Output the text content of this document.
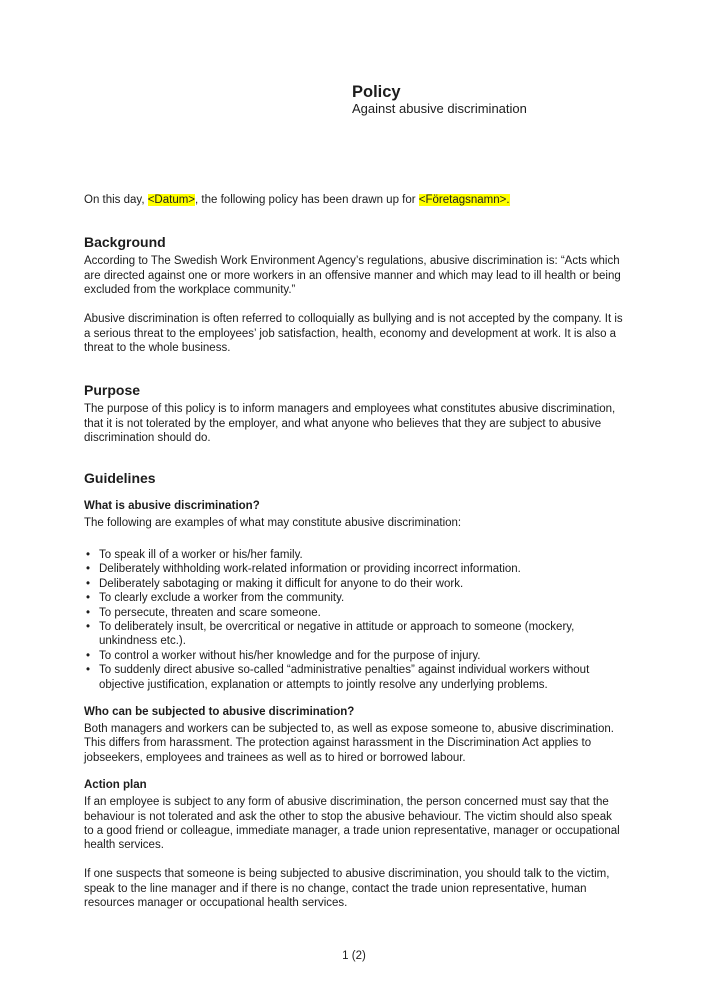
Policy
Against abusive discrimination

On this day, <Datum>, the following policy has been drawn up for <Företagsnamn>.

Background

According to The Swedish Work Environment Agency’s regulations, abusive discrimination is: “Acts which are directed against one or more workers in an offensive manner and which may lead to ill health or being excluded from the workplace community.”

Abusive discrimination is often referred to colloquially as bullying and is not accepted by the company. It is a serious threat to the employees’ job satisfaction, health, economy and development at work. It is also a threat to the whole business.

Purpose

The purpose of this policy is to inform managers and employees what constitutes abusive discrimination, that it is not tolerated by the employer, and what anyone who believes that they are subject to abusive discrimination should do.

Guidelines
What is abusive discrimination?

The following are examples of what may constitute abusive discrimination:

• To speak ill of a worker or his/her family.
• Deliberately withholding work-related information or providing incorrect information.
• Deliberately sabotaging or making it difficult for anyone to do their work.
• To clearly exclude a worker from the community.
• To persecute, threaten and scare someone.
• To deliberately insult, be overcritical or negative in attitude or approach to someone (mockery, unkindness etc.).
• To control a worker without his/her knowledge and for the purpose of injury.
• To suddenly direct abusive so-called “administrative penalties” against individual workers without objective justification, explanation or attempts to jointly resolve any underlying problems.
Who can be subjected to abusive discrimination?

Both managers and workers can be subjected to, as well as expose someone to, abusive discrimination. This differs from harassment. The protection against harassment in the Discrimination Act applies to jobseekers, employees and trainees as well as to hired or borrowed labour.

Action plan

If an employee is subject to any form of abusive discrimination, the person concerned must say that the behaviour is not tolerated and ask the other to stop the abusive behaviour. The victim should also speak to a good friend or colleague, immediate manager, a trade union representative, manager or occupational health services.

If one suspects that someone is being subjected to abusive discrimination, you should talk to the victim, speak to the line manager and if there is no change, contact the trade union representative, human resources manager or occupational health services.

1 (2)
